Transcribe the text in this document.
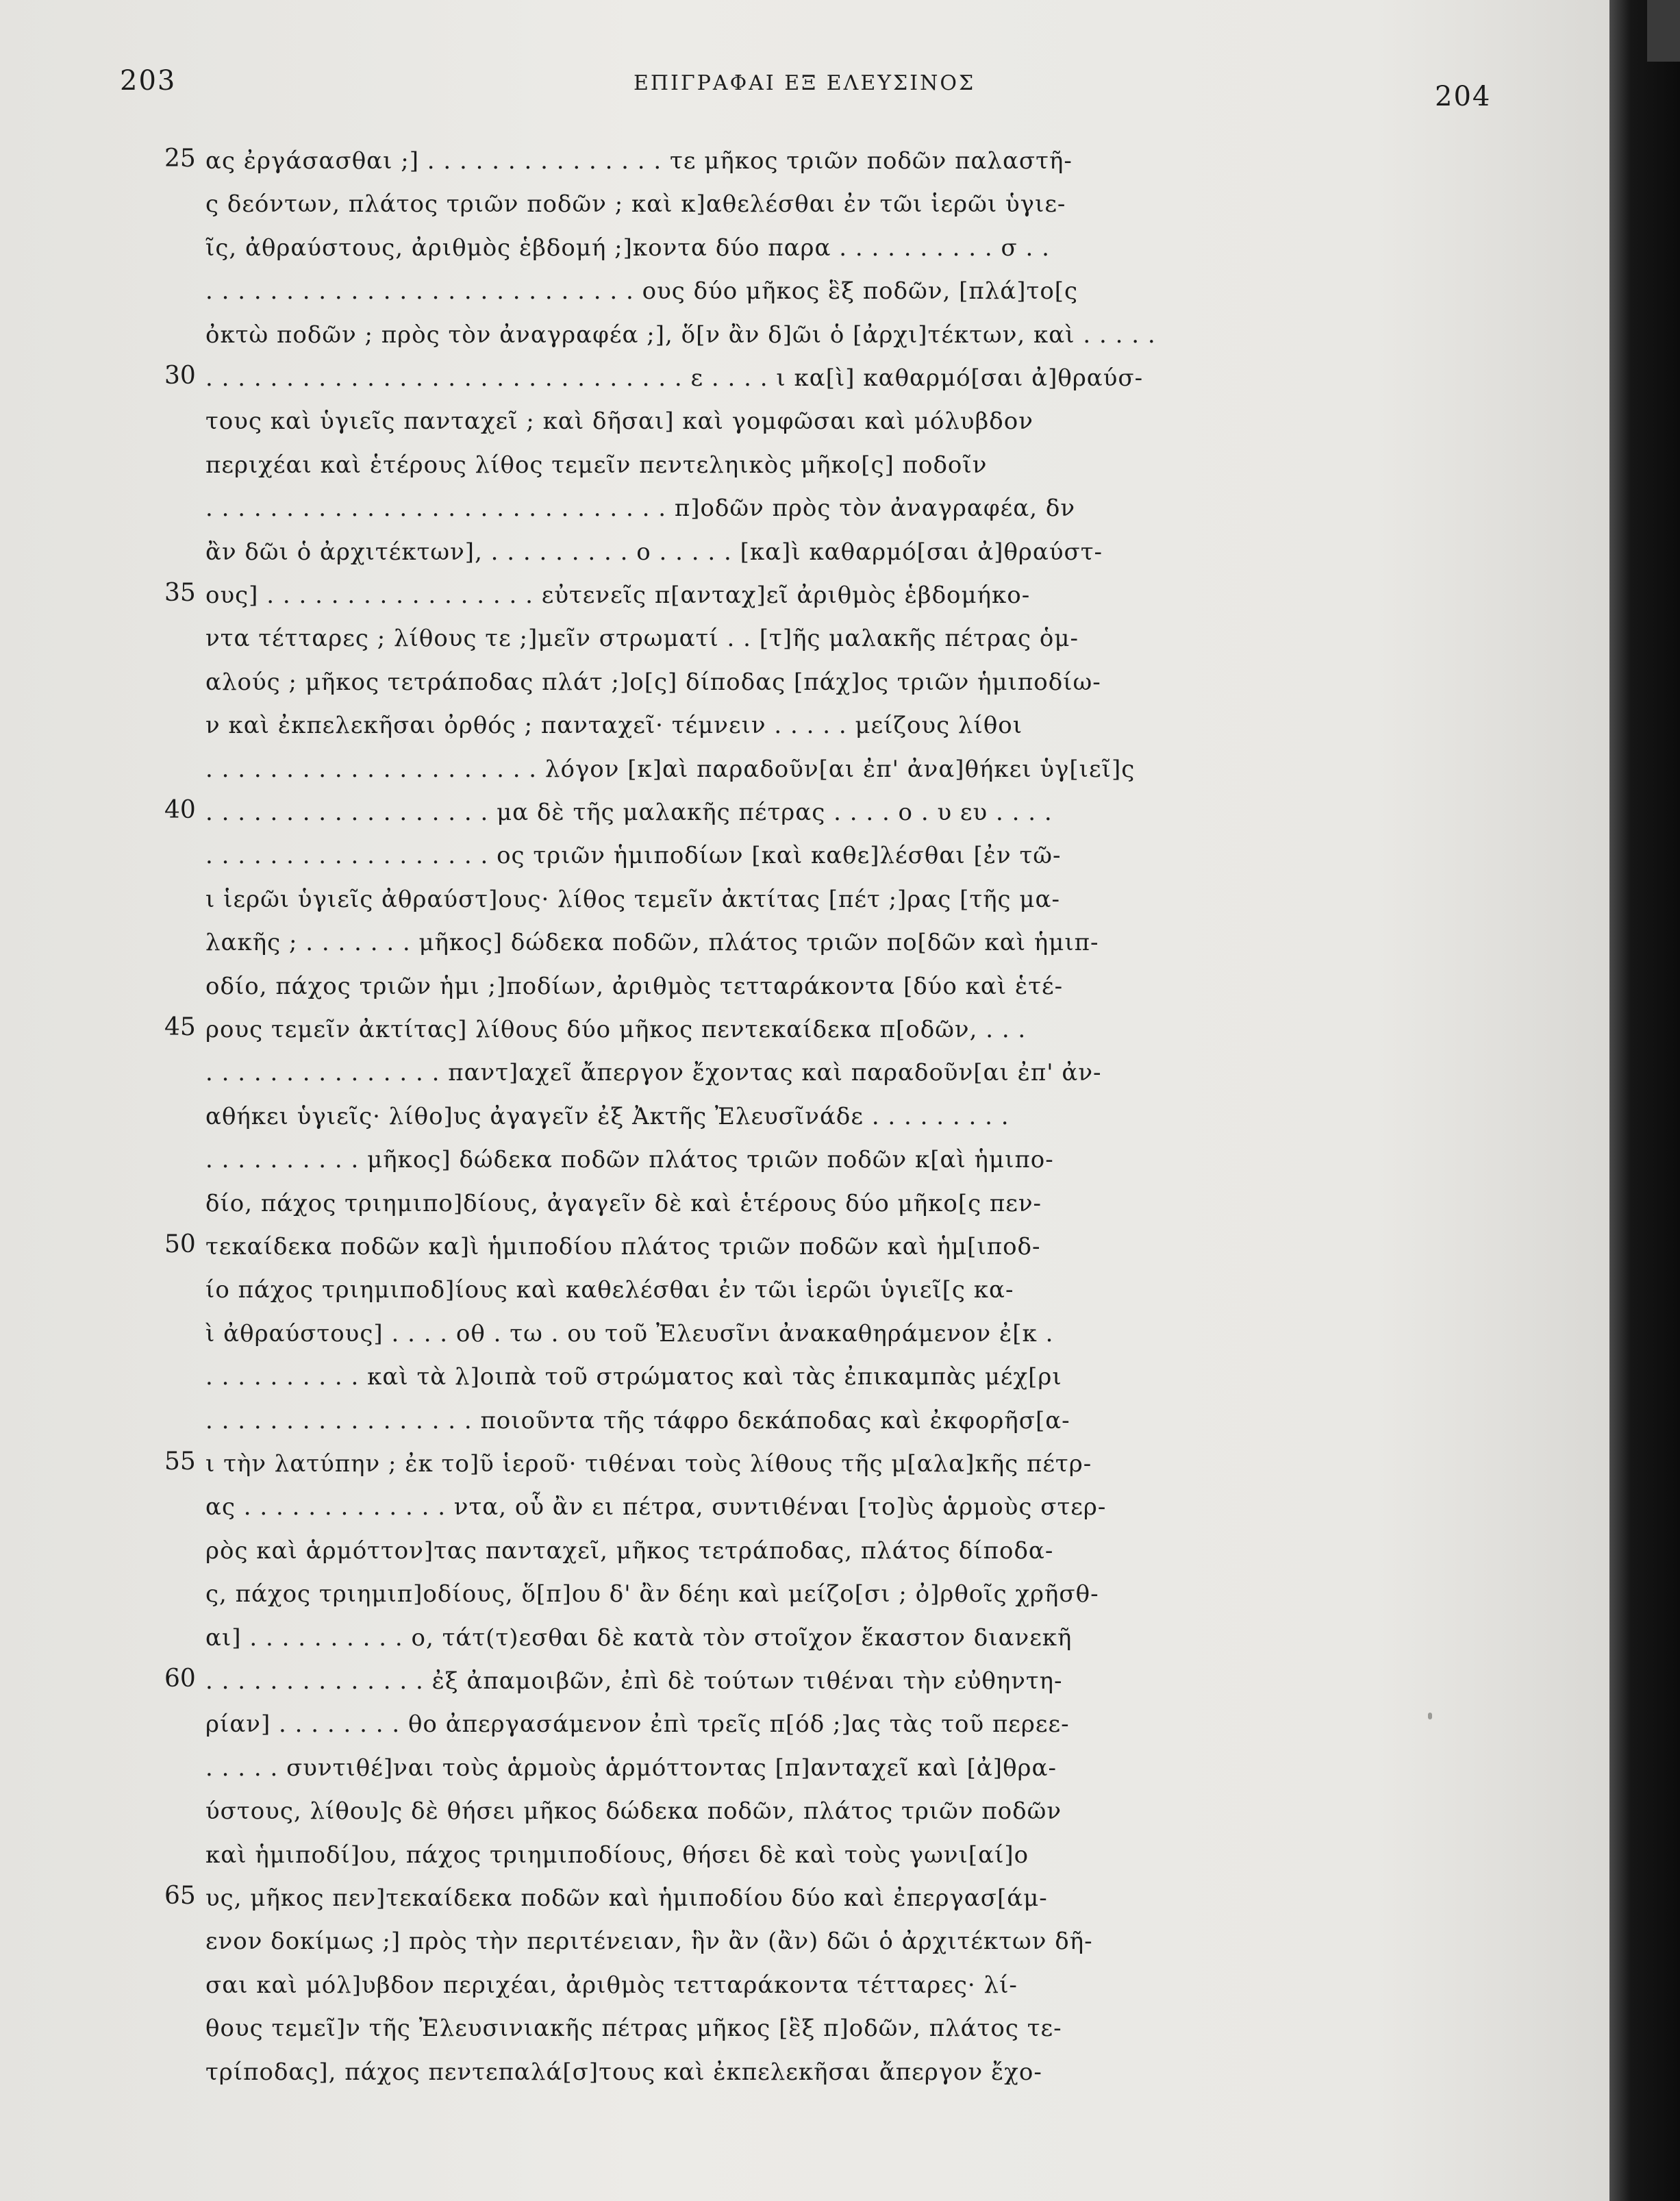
203	ΕΠΙΓΡΑΦΑΙ ΕΞ ΕΛΕΥΣΙΝΟΣ	204
ας ἐργάσασθαι ;] . . . . . . . . . . . . . . . τε μῆκος τριῶν ποδῶν παλαστῆ-
ς δεόντων, πλάτος τριῶν ποδῶν ; καὶ κ]αθελέσθαι ἐν τῶι ἱερῶι ὑγιε-
ῖς, ἀθραύστους, ἀριθμὸς ἑβδομή ;]κοντα δύο παρα . . . . . . . . . . σ . .
. . . . . . . . . . . . . . . . . . . . . . . . . . . ους δύο μῆκος ἓξ ποδῶν, [πλά]το[ς
ὀκτὼ ποδῶν ; πρὸς τὸν ἀναγραφέα ;], ὅ[ν ἂν δ]ῶι ὁ [ἀρχι]τέκτων, καὶ . . . . .
. . . . . . . . . . . . . . . . . . . . . . . . . . . . . . ε . . . . ι κα[ὶ] καθαρμό[σαι ἀ]θραύσ-
τους καὶ ὑγιεῖς πανταχεῖ ; καὶ δῆσαι] καὶ γομφῶσαι καὶ μόλυβδον
περιχέαι καὶ ἑτέρους λίθος τεμεῖν πεντεληικὸς μῆκο[ς] ποδοῖν
. . . . . . . . . . . . . . . . . . . . . . . . . . . . . π]οδῶν πρὸς τὸν ἀναγραφέα, δν
ἂν δῶι ὁ ἀρχιτέκτων], . . . . . . . . . ο . . . . . [κα]ὶ καθαρμό[σαι ἀ]θραύστ-
ους] . . . . . . . . . . . . . . . . . εὐτενεῖς π[ανταχ]εῖ ἀριθμὸς ἑβδομήκο-
ντα τέτταρες ; λίθους τε ;]μεῖν στρωματί . . [τ]ῆς μαλακῆς πέτρας ὁμ-
αλούς ; μῆκος τετράποδας πλάτ ;]ο[ς] δίποδας [πάχ]ος τριῶν ἡμιποδίω-
ν καὶ ἐκπελεκῆσαι ὀρθός ; πανταχεῖ· τέμνειν . . . . . μείζους λίθοι
. . . . . . . . . . . . . . . . . . . . . λόγον [κ]αὶ παραδοῦν[αι ἐπ' ἀνα]θήκει ὑγ[ιεῖ]ς
. . . . . . . . . . . . . . . . . . μα δὲ τῆς μαλακῆς πέτρας . . . . ο . υ ευ . . . .
. . . . . . . . . . . . . . . . . . ος τριῶν ἡμιποδίων [καὶ καθε]λέσθαι [ἐν τῶ-
ι ἱερῶι ὑγιεῖς ἀθραύστ]ους· λίθος τεμεῖν ἀκτίτας [πέτ ;]ρας [τῆς μα-
λακῆς ; . . . . . . . μῆκος] δώδεκα ποδῶν, πλάτος τριῶν πο[δῶν καὶ ἡμιπ-
οδίο, πάχος τριῶν ἡμι ;]ποδίων, ἀριθμὸς τετταράκοντα [δύο καὶ ἑτέ-
ρους τεμεῖν ἀκτίτας] λίθους δύο μῆκος πεντεκαίδεκα π[οδῶν, . . .
. . . . . . . . . . . . . . . παντ]αχεῖ ἄπεργον ἔχοντας καὶ παραδοῦν[αι ἐπ' ἀν-
αθήκει ὑγιεῖς· λίθο]υς ἀγαγεῖν ἐξ Ἀκτῆς Ἐλευσῖνάδε . . . . . . . . .
. . . . . . . . . . μῆκος] δώδεκα ποδῶν πλάτος τριῶν ποδῶν κ[αὶ ἡμιπο-
δίο, πάχος τριημιπο]δίους, ἀγαγεῖν δὲ καὶ ἑτέρους δύο μῆκο[ς πεν-
τεκαίδεκα ποδῶν κα]ὶ ἡμιποδίου πλάτος τριῶν ποδῶν καὶ ἡμ[ιποδ-
ίο πάχος τριημιποδ]ίους καὶ καθελέσθαι ἐν τῶι ἱερῶι ὑγιεῖ[ς κα-
ὶ ἀθραύστους] . . . . οθ . τω . ου τοῦ Ἐλευσῖνι ἀνακαθηράμενον ἐ[κ .
. . . . . . . . . . καὶ τὰ λ]οιπὰ τοῦ στρώματος καὶ τὰς ἐπικαμπὰς μέχ[ρι
. . . . . . . . . . . . . . . . . ποιοῦντα τῆς τάφρο δεκάποδας καὶ ἐκφορῆσ[α-
ι τὴν λατύπην ; ἐκ το]ῦ ἱεροῦ· τιθέναι τοὺς λίθους τῆς μ[αλα]κῆς πέτρ-
ας . . . . . . . . . . . . . ντα, οὗ ἂν ει πέτρα, συντιθέναι [το]ὺς ἁρμοὺς στερ-
ρὸς καὶ ἁρμόττον]τας πανταχεῖ, μῆκος τετράποδας, πλάτος δίποδα-
ς, πάχος τριημιπ]οδίους, ὅ[π]ου δ' ἂν δέηι καὶ μείζο[σι ; ὀ]ρθοῖς χρῆσθ-
αι] . . . . . . . . . . ο, τάτ(τ)εσθαι δὲ κατὰ τὸν στοῖχον ἕκαστον διανεκῆ
. . . . . . . . . . . . . . ἐξ ἀπαμοιβῶν, ἐπὶ δὲ τούτων τιθέναι τὴν εὐθηντη-
ρίαν] . . . . . . . . θο ἀπεργασάμενον ἐπὶ τρεῖς π[όδ ;]ας τὰς τοῦ περεε-
. . . . . συντιθέ]ναι τοὺς ἁρμοὺς ἁρμόττοντας [π]ανταχεῖ καὶ [ἀ]θρα-
ύστους, λίθου]ς δὲ θήσει μῆκος δώδεκα ποδῶν, πλάτος τριῶν ποδῶν
καὶ ἡμιποδί]ου, πάχος τριημιποδίους, θήσει δὲ καὶ τοὺς γωνι[αί]ο
υς, μῆκος πεν]τεκαίδεκα ποδῶν καὶ ἡμιποδίου δύο καὶ ἐπεργασ[άμ-
ενον δοκίμως ;] πρὸς τὴν περιτένειαν, ἣν ἂν (ἂν) δῶι ὁ ἀρχιτέκτων δῆ-
σαι καὶ μόλ]υβδον περιχέαι, ἀριθμὸς τετταράκοντα τέτταρες· λί-
θους τεμεῖ]ν τῆς Ἐλευσινιακῆς πέτρας μῆκος [ἓξ π]οδῶν, πλάτος τε-
τρίποδας], πάχος πεντεπαλά[σ]τους καὶ ἐκπελεκῆσαι ἄπεργον ἔχο-
25
30
35
40
45
50
55
60
65
